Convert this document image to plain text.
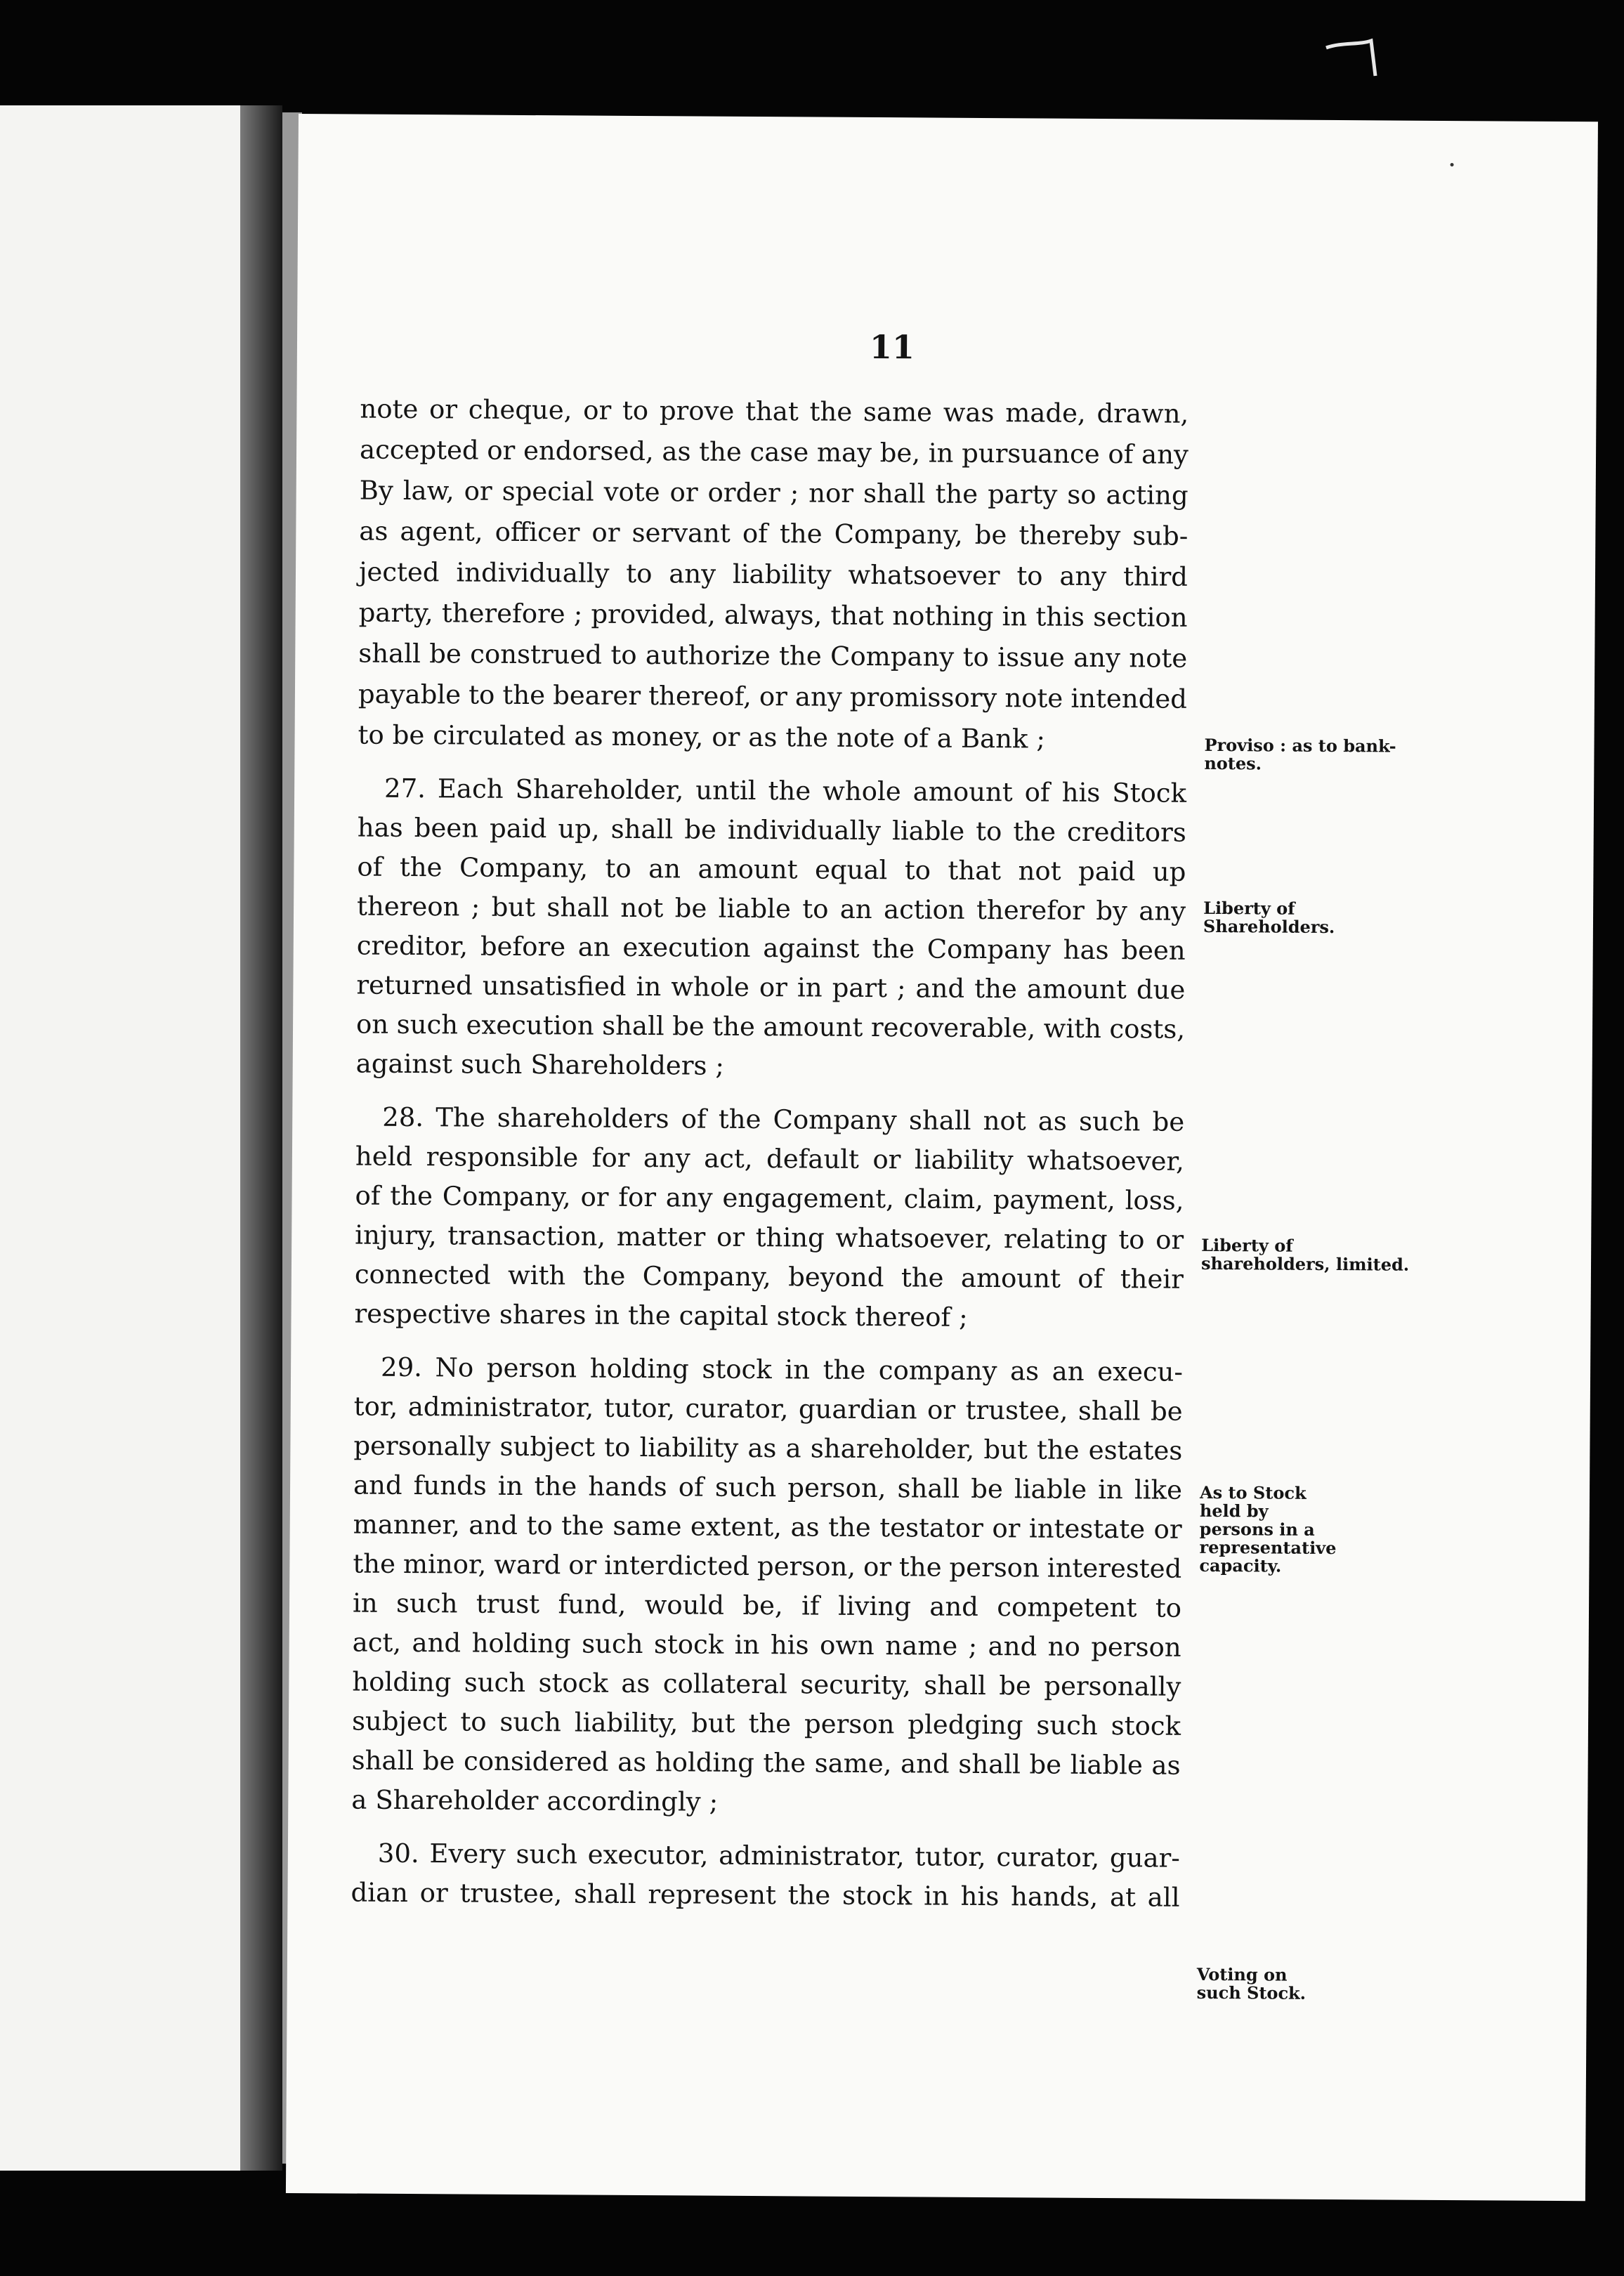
11
note or cheque, or to prove that the same was made, drawn,
accepted or endorsed, as the case may be, in pursuance of any
By law, or special vote or order ; nor shall the party so acting
as agent, officer or servant of the Company, be thereby sub-
jected individually to any liability whatsoever to any third
party, therefore ; provided, always, that nothing in this section
shall be construed to authorize the Company to issue any note
payable to the bearer thereof, or any promissory note intended
to be circulated as money, or as the note of a Bank ;
27. Each Shareholder, until the whole amount of his Stock
has been paid up, shall be individually liable to the creditors
of the Company, to an amount equal to that not paid up
thereon ; but shall not be liable to an action therefor by any
creditor, before an execution against the Company has been
returned unsatisfied in whole or in part ; and the amount due
on such execution shall be the amount recoverable, with costs,
against such Shareholders ;
28. The shareholders of the Company shall not as such be
held responsible for any act, default or liability whatsoever,
of the Company, or for any engagement, claim, payment, loss,
injury, transaction, matter or thing whatsoever, relating to or
connected with the Company, beyond the amount of their
respective shares in the capital stock thereof ;
29. No person holding stock in the company as an execu-
tor, administrator, tutor, curator, guardian or trustee, shall be
personally subject to liability as a shareholder, but the estates
and funds in the hands of such person, shall be liable in like
manner, and to the same extent, as the testator or intestate or
the minor, ward or interdicted person, or the person interested
in such trust fund, would be, if living and competent to
act, and holding such stock in his own name ; and no person
holding such stock as collateral security, shall be personally
subject to such liability, but the person pledging such stock
shall be considered as holding the same, and shall be liable as
a Shareholder accordingly ;
30. Every such executor, administrator, tutor, curator, guar-
dian or trustee, shall represent the stock in his hands, at all
Proviso : as to bank-notes.
Liberty of Shareholders.
Liberty of shareholders, limited.
As to Stock held by persons in a representative capacity.
Voting on such Stock.
